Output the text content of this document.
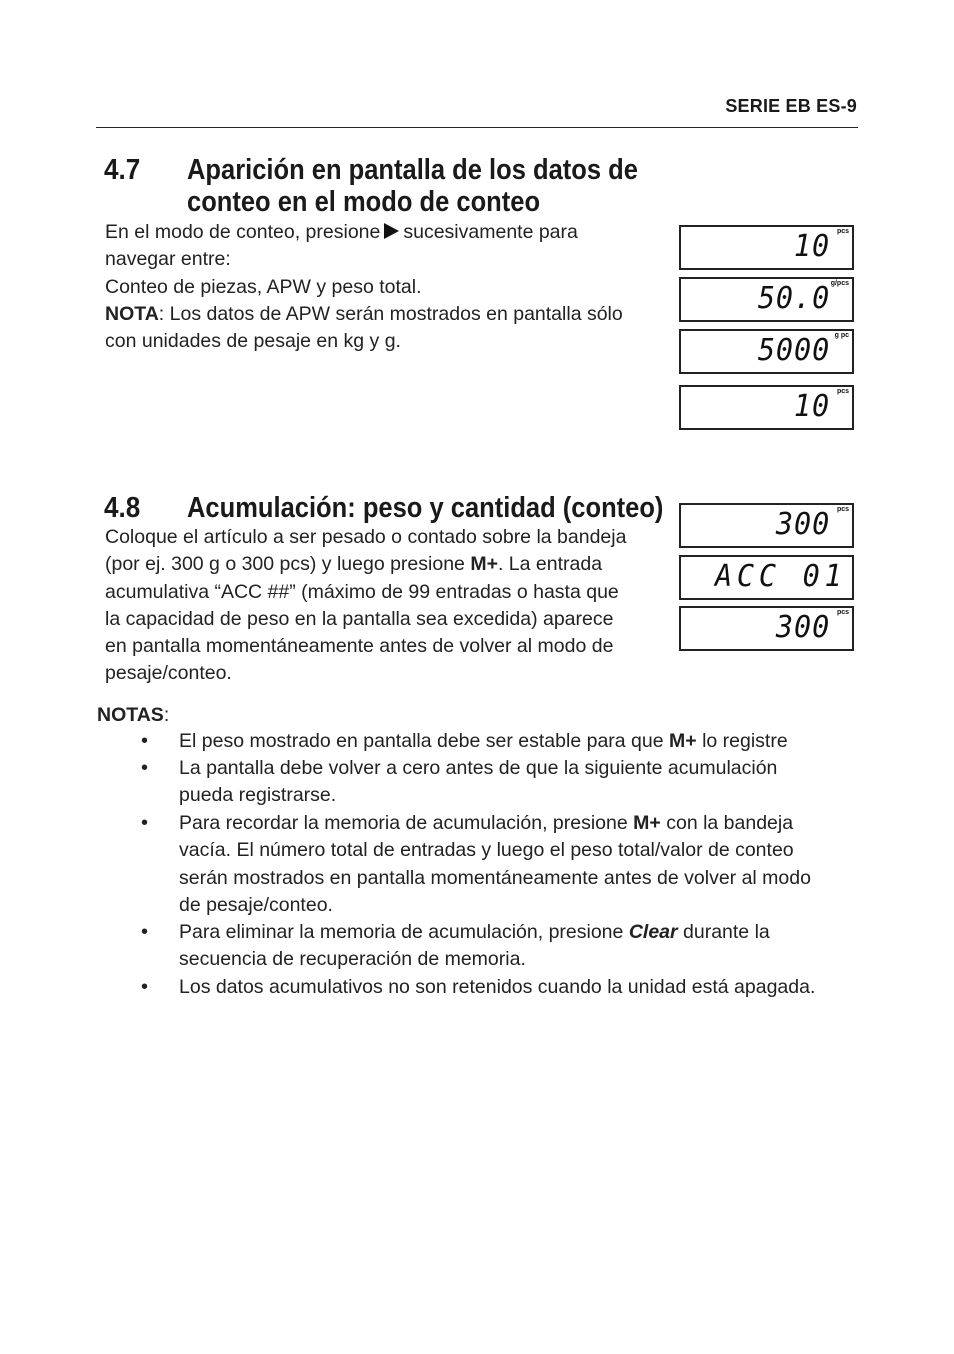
SERIE EB ES-9
4.7 Aparición en pantalla de los datos de
conteo en el modo de conteo
En el modo de conteo, presione sucesivamente para
navegar entre:
Conteo de piezas, APW y peso total.
NOTA: Los datos de APW serán mostrados en pantalla sólo
con unidades de pesaje en kg y g.
10 pcs
50.0 g/pcs
5000 g pc
10 pcs
4.8 Acumulación: peso y cantidad (conteo)
Coloque el artículo a ser pesado o contado sobre la bandeja
(por ej. 300 g o 300 pcs) y luego presione M+. La entrada
acumulativa “ACC ##” (máximo de 99 entradas o hasta que
la capacidad de peso en la pantalla sea excedida) aparece
en pantalla momentáneamente antes de volver al modo de
pesaje/conteo.
300 pcs
ACC 01
300 pcs
NOTAS:
• El peso mostrado en pantalla debe ser estable para que M+ lo registre
• La pantalla debe volver a cero antes de que la siguiente acumulación
pueda registrarse.
• Para recordar la memoria de acumulación, presione M+ con la bandeja
vacía. El número total de entradas y luego el peso total/valor de conteo
serán mostrados en pantalla momentáneamente antes de volver al modo
de pesaje/conteo.
• Para eliminar la memoria de acumulación, presione Clear durante la
secuencia de recuperación de memoria.
• Los datos acumulativos no son retenidos cuando la unidad está apagada.
